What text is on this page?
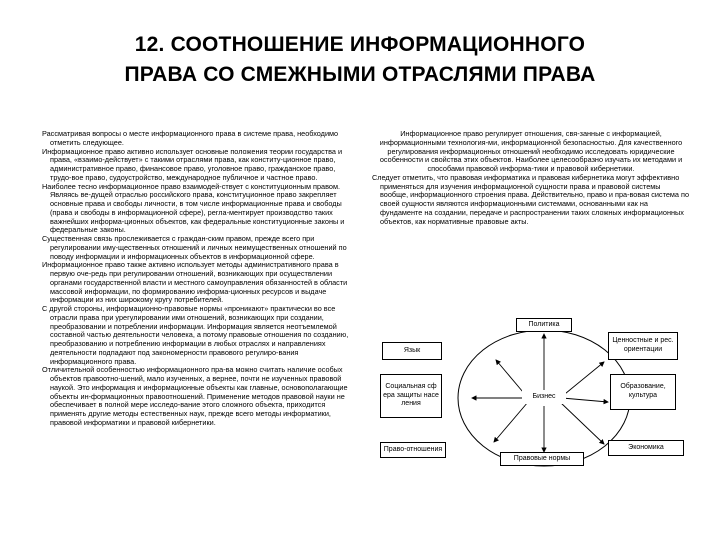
12. СООТНОШЕНИЕ ИНФОРМАЦИОННОГО
ПРАВА СО СМЕЖНЫМИ ОТРАСЛЯМИ ПРАВА

Рассматривая вопросы о месте информационного права в системе права, необходимо отметить следующее.

Информационное право активно использует основные положения теории государства и права, «взаимо-действует» с такими отраслями права, как конститу-ционное право, административное право, финансовое право, уголовное право, гражданское право, трудо-вое право, судоустройство, международное публичное и частное право.

Наиболее тесно информационное право взаимодей-ствует с конституционным правом. Являясь ве-дущей отраслью российского права, конституционное право закрепляет основные права и свободы личности, в том числе информационные права и свободы (права и свободы в информационной сфере), регла-ментирует производство таких важнейших информа-ционных объектов, как федеральные конституционные законы и федеральные законы.

Существенная связь прослеживается с граждан-ским правом, прежде всего при регулировании иму-щественных отношений и личных неимущественных отношений по поводу информации и информационных объектов в информационной сфере.

Информационное право также активно использует методы административного права в первую оче-редь при регулировании отношений, возникающих при осуществлении органами государственной власти и местного самоуправления обязанностей в области массовой информации, по формированию информа-ционных ресурсов и выдаче информации из них широкому кругу потребителей.

С другой стороны, информационно-правовые нормы «проникают» практически во все отрасли права при урегулировании ими отношений, возникающих при создании, преобразовании и потреблении информации. Информация является неотъемлемой составной частью деятельности человека, а потому правовые отношения по созданию, преобразованию и потреблению информации в любых отраслях и направлениях деятельности подпадают под закономерности правового регулиро-вания информационного права.

Отличительной особенностью информационного пра-ва можно считать наличие особых объектов правоотно-шений, мало изученных, а вернее, почти не изученных правовой наукой. Это информация и информационные объекты как главные, основополагающие объекты ин-формационных правоотношений. Применение методов правовой науки не обеспечивает в полной мере исследо-вание этого сложного объекта, приходится применять другие методы естественных наук, прежде всего методы информатики, правовой информатики и правовой кибернетики.

Информационное право регулирует отношения, свя-занные с информацией, информационными технология-ми, информационной безопасностью. Для качественного регулирования информационных отношений необходимо исследовать юридические особенности и свойства этих объектов. Наиболее целесообразно изучать их методами и способами правовой информа-тики и правовой кибернетики.

Следует отметить, что правовая информатика и правовая кибернетика могут эффективно применяться для изучения информационной сущности права и правовой системы вообще, информационного строения права. Действительно, право и пра-вовая система по своей сущности являются информационными системами, основанными как на фундаменте на создании, передаче и распространении таких сложных информационных объектов, как нормативные правовые акты.

Политика
Язык
Социальная сф ера защиты насе ления
Право-отношения
Правовые нормы
Экономика
Образование, культура
Ценностные и рес. ориентации
Бизнес
